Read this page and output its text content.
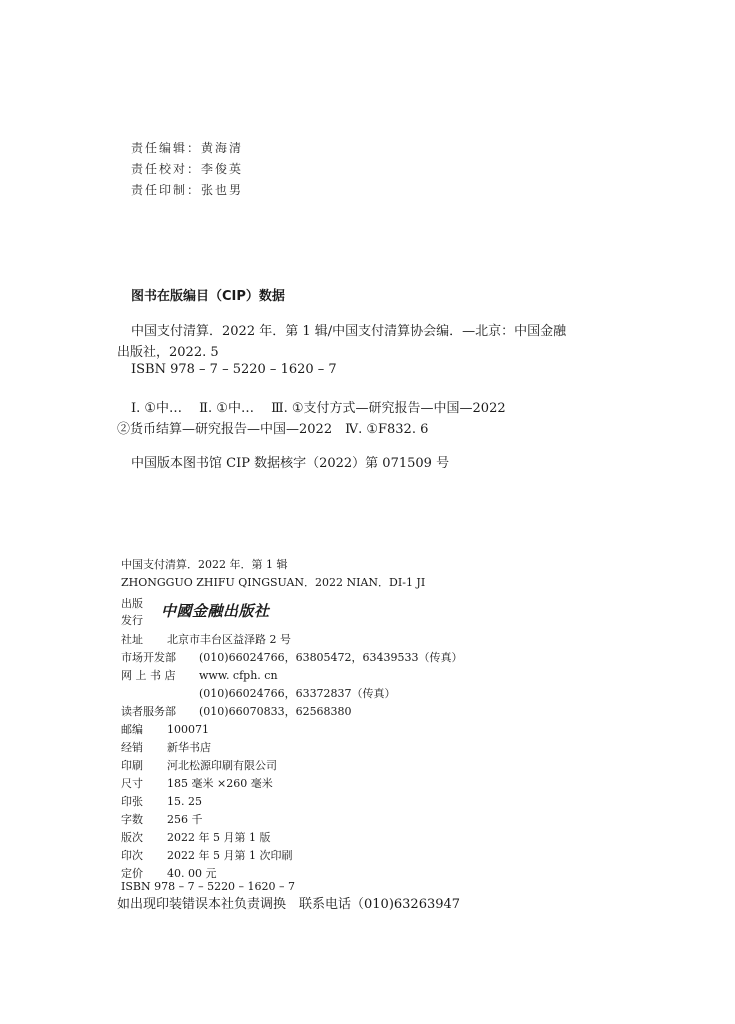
责任编辑：黄海清
责任校对：李俊英
责任印制：张也男
图书在版编目（CIP）数据
中国支付清算．2022 年．第 1 辑/中国支付清算协会编．—北京：中国金融
出版社，2022. 5
ISBN 978 – 7 – 5220 – 1620 – 7
Ⅰ. ①中…　 Ⅱ. ①中…　 Ⅲ. ①支付方式—研究报告—中国—2022
②货币结算—研究报告—中国—2022　Ⅳ. ①F832. 6
中国版本图书馆 CIP 数据核字（2022）第 071509 号
中国支付清算．2022 年．第 1 辑
ZHONGGUO ZHIFU QINGSUAN．2022 NIAN．DI-1 JI
出版
发行
中國金融出版社
社址 北京市丰台区益泽路 2 号
市场开发部 (010)66024766，63805472，63439533（传真）
网 上 书 店 www. cfph. cn
(010)66024766，63372837（传真）
读者服务部 (010)66070833，62568380
邮编 100071
经销 新华书店
印刷 河北松源印刷有限公司
尺寸 185 毫米 ×260 毫米
印张 15. 25
字数 256 千
版次 2022 年 5 月第 1 版
印次 2022 年 5 月第 1 次印刷
定价 40. 00 元
ISBN 978 – 7 – 5220 – 1620 – 7
如出现印装错误本社负责调换　联系电话（010)63263947
